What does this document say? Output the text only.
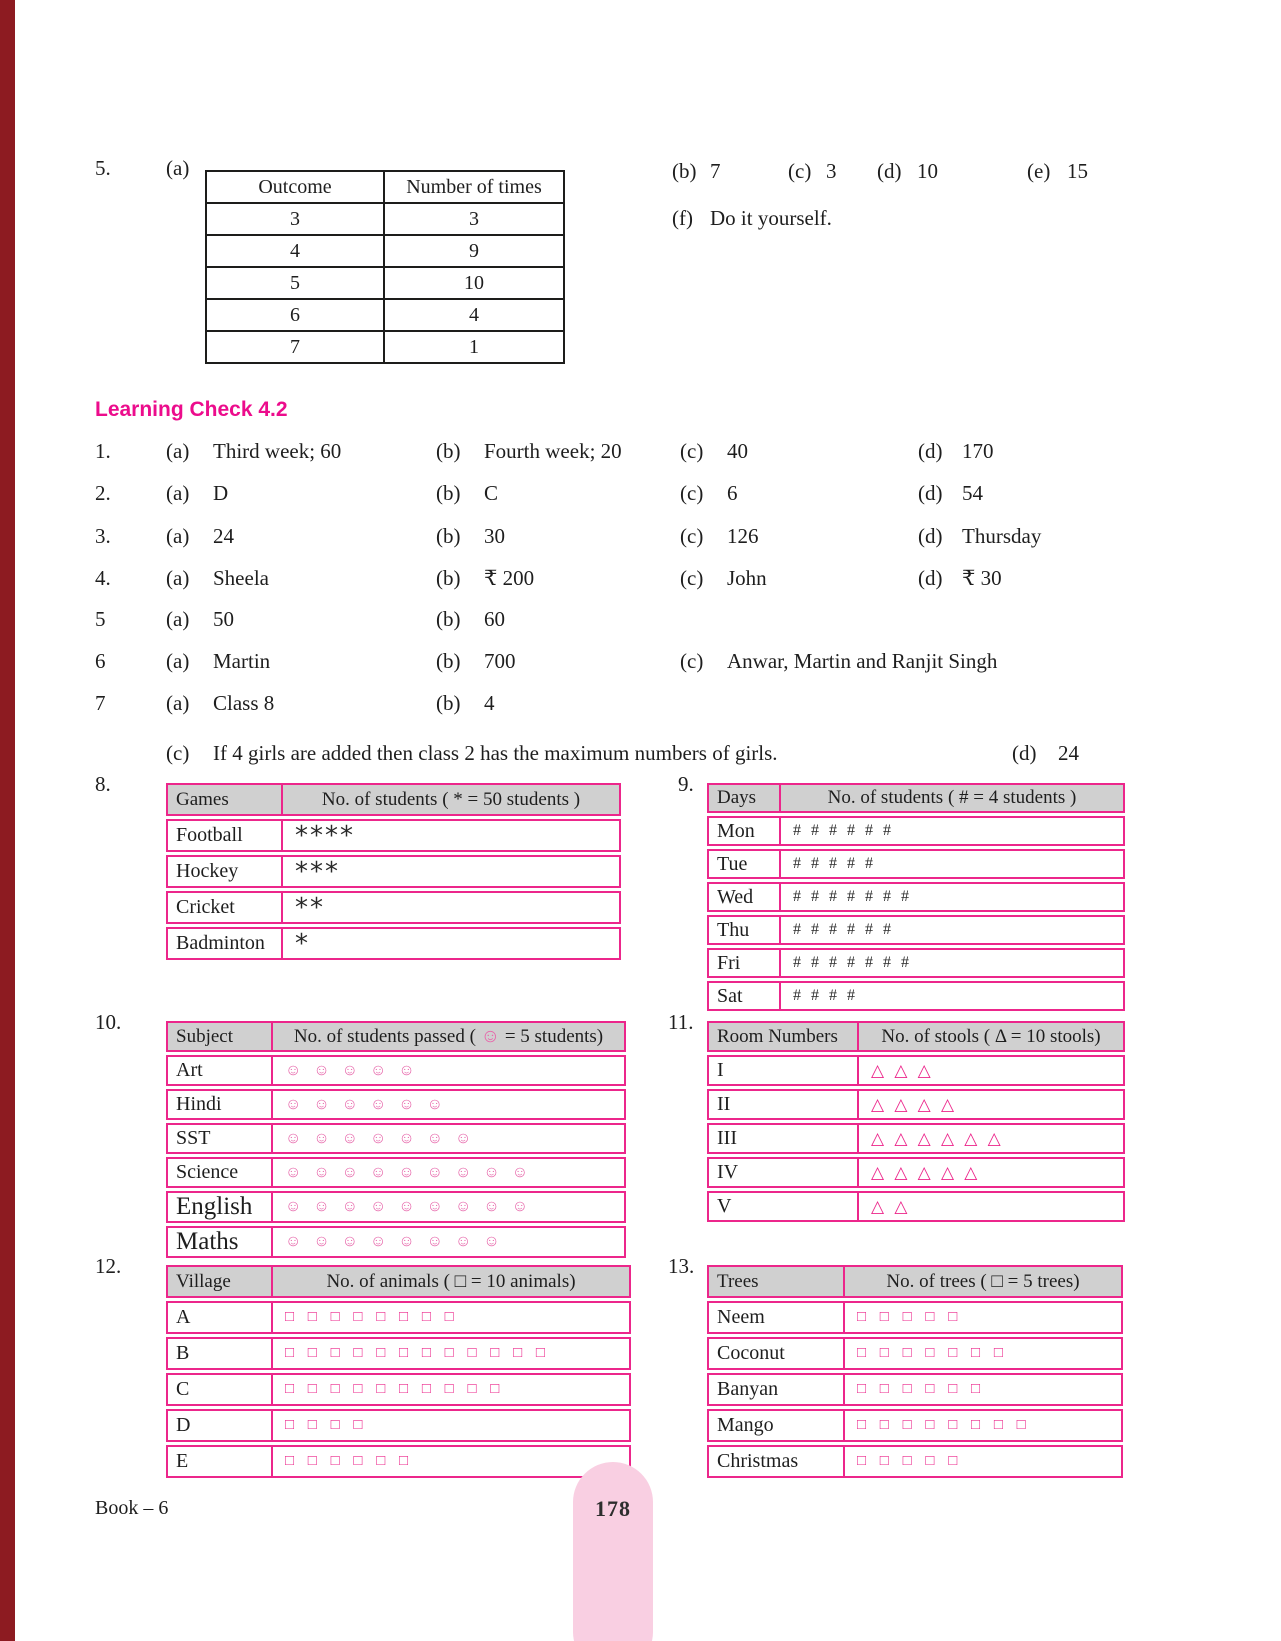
5.	(a)
Outcome	Number of times
3	3
4	9
5	10
6	4
7	1
(b) 7	(c) 3 (d) 10	(e) 15
(f) Do it yourself.
Learning Check 4.2
1.	(a) Third week; 60	(b) Fourth week; 20	(c) 40	(d) 170
2.	(a) D	(b) C	(c) 6	(d) 54
3.	(a) 24	(b) 30	(c) 126	(d) Thursday
4.	(a) Sheela	(b) ₹ 200	(c) John	(d) ₹ 30
5	(a) 50	(b) 60
6	(a) Martin	(b) 700	(c) Anwar, Martin and Ranjit Singh
7	(a) Class 8	(b) 4
(c) If 4 girls are added then class 2 has the maximum numbers of girls.	(d) 24
8.
Games	No. of students ( * = 50 students )
Football	****
Hockey	***
Cricket	**
Badminton	*
9.
Days	No. of students ( # = 4 students )
Mon	# # # # # #
Tue	# # # # #
Wed	# # # # # # #
Thu	# # # # # #
Fri	# # # # # # #
Sat	# # # #
10.
Subject	No. of students passed ( ☺ = 5 students)
Art	☺ ☺ ☺ ☺ ☺
Hindi	☺ ☺ ☺ ☺ ☺ ☺
SST	☺ ☺ ☺ ☺ ☺ ☺ ☺
Science	☺ ☺ ☺ ☺ ☺ ☺ ☺ ☺ ☺
English	☺ ☺ ☺ ☺ ☺ ☺ ☺ ☺ ☺
Maths	☺ ☺ ☺ ☺ ☺ ☺ ☺ ☺
11.
Room Numbers	No. of stools ( Δ = 10 stools)
I	△ △ △
II	△ △ △ △
III	△ △ △ △ △ △
IV	△ △ △ △ △
V	△ △
12.
Village	No. of animals ( □ = 10 animals)
A	□ □ □ □ □ □ □ □
B	□ □ □ □ □ □ □ □ □ □ □ □
C	□ □ □ □ □ □ □ □ □ □
D	□ □ □ □
E	□ □ □ □ □ □
13.
Trees	No. of trees ( □ = 5 trees)
Neem	□ □ □ □ □
Coconut	□ □ □ □ □ □ □
Banyan	□ □ □ □ □ □
Mango	□ □ □ □ □ □ □ □
Christmas	□ □ □ □ □
Book – 6	178
